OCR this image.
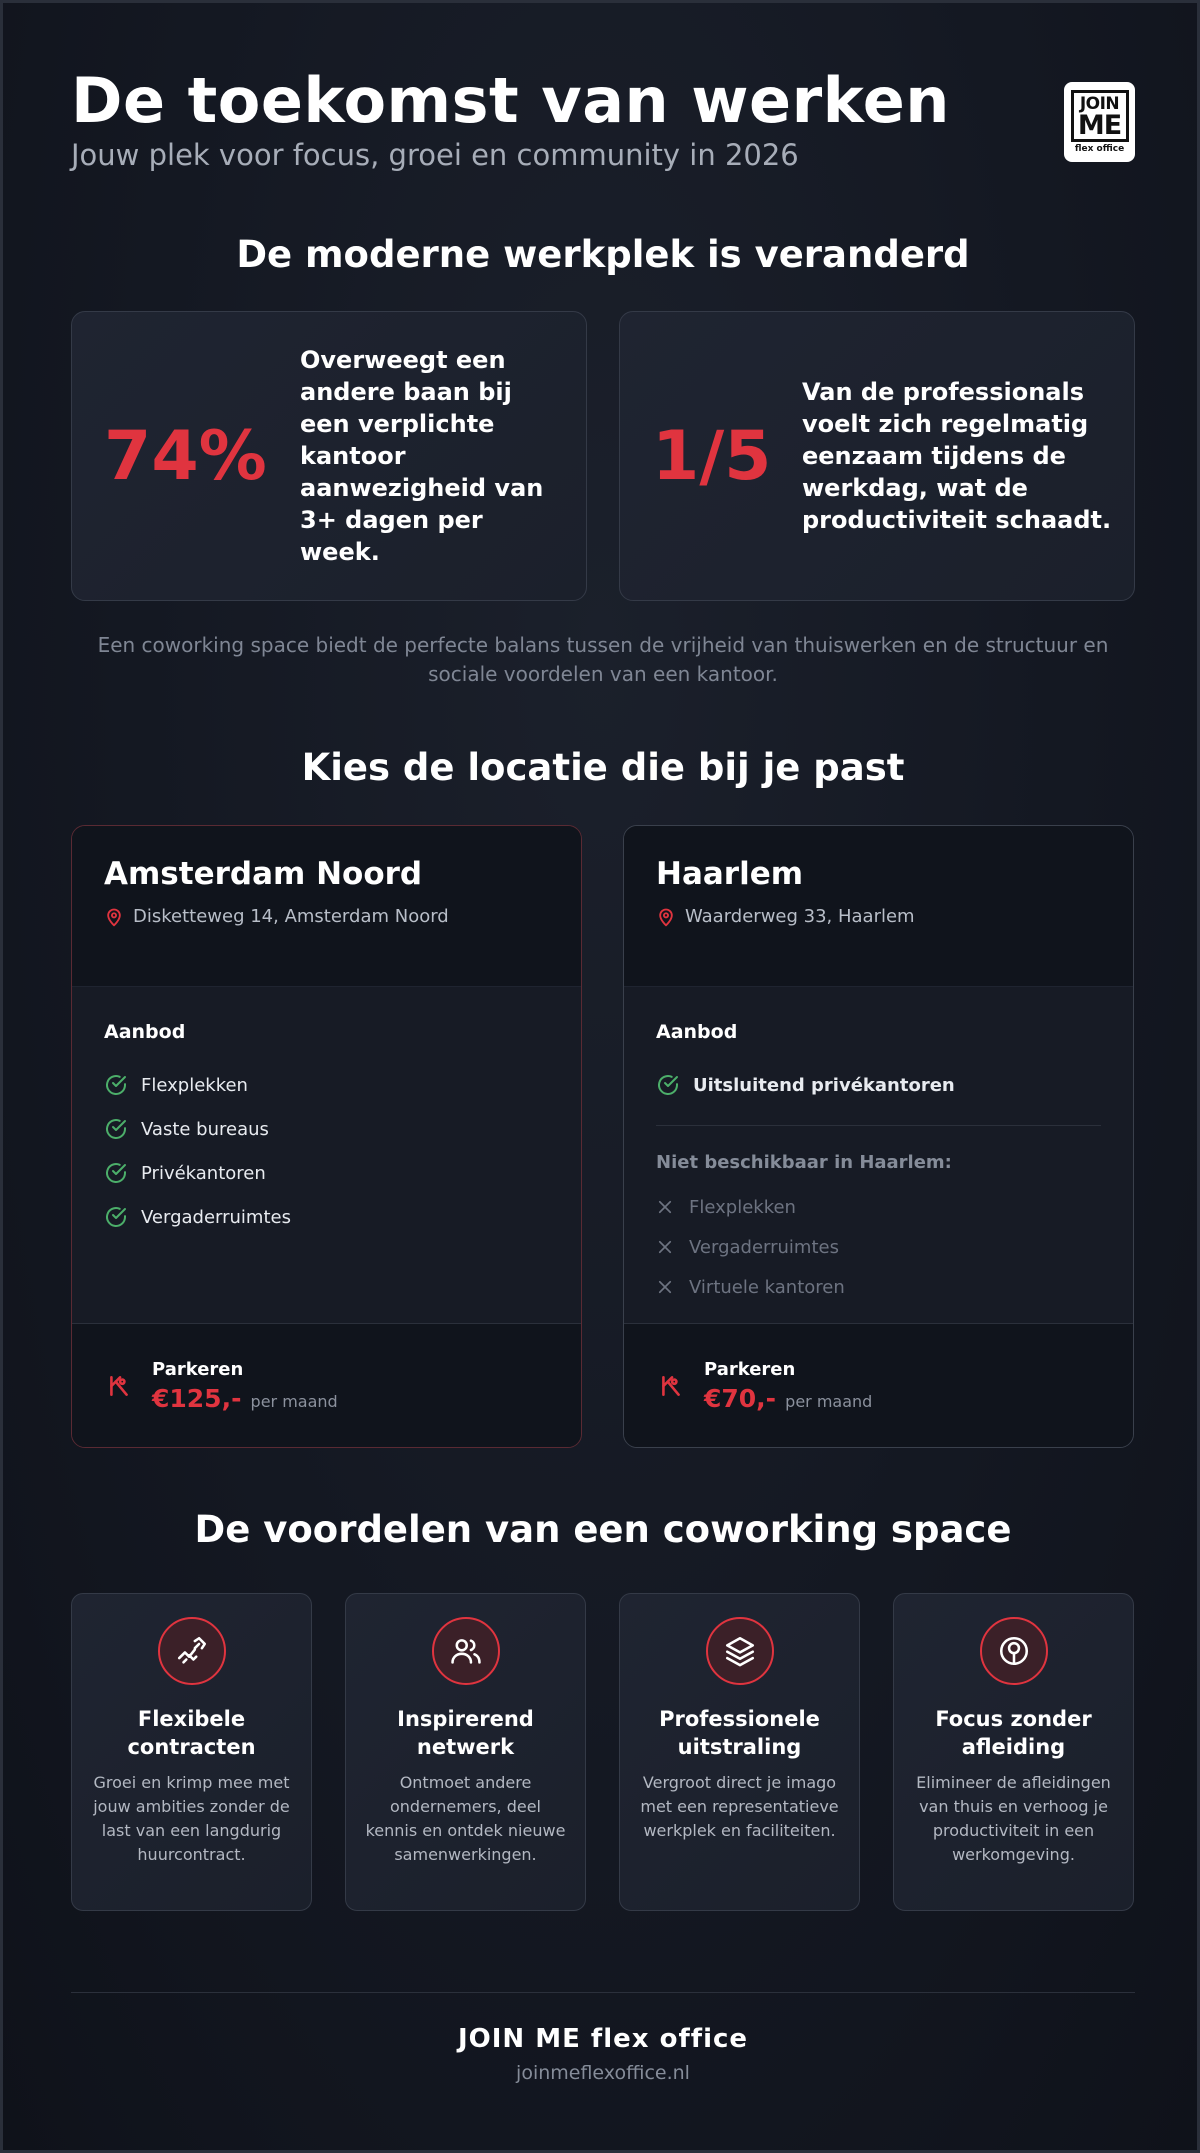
De toekomst van werken
Jouw plek voor focus, groei en community in 2026
JOIN
ME
flex office
De moderne werkplek is veranderd
74%
Overweegt een andere baan bij een verplichte kantoor aanwezigheid van 3+ dagen per week.
1/5
Van de professionals voelt zich regelmatig eenzaam tijdens de werkdag, wat de productiviteit schaadt.
Een coworking space biedt de perfecte balans tussen de vrijheid van thuiswerken en de structuur en sociale voordelen van een kantoor.
Kies de locatie die bij je past
Amsterdam Noord
Disketteweg 14, Amsterdam Noord
Aanbod
Flexplekken
Vaste bureaus
Privékantoren
Vergaderruimtes
Parkeren
€125,- per maand
Haarlem
Waarderweg 33, Haarlem
Aanbod
Uitsluitend privékantoren
Niet beschikbaar in Haarlem:
Flexplekken
Vergaderruimtes
Virtuele kantoren
Parkeren
€70,- per maand
De voordelen van een coworking space
Flexibele contracten
Groei en krimp mee met jouw ambities zonder de last van een langdurig huurcontract.
Inspirerend netwerk
Ontmoet andere ondernemers, deel kennis en ontdek nieuwe samenwerkingen.
Professionele uitstraling
Vergroot direct je imago met een representatieve werkplek en faciliteiten.
Focus zonder afleiding
Elimineer de afleidingen van thuis en verhoog je productiviteit in een werkomgeving.
JOIN ME flex office
joinmeflexoffice.nl
